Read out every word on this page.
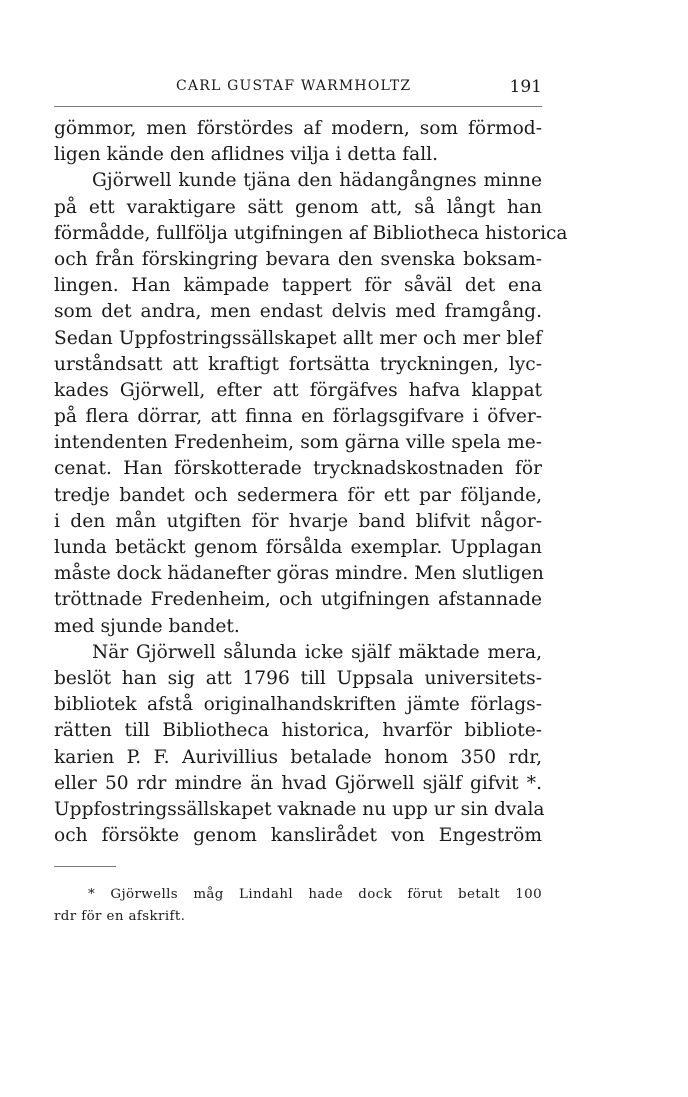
CARL GUSTAF WARMHOLTZ	191
gömmor, men förstördes af modern, som förmod-
ligen kände den aflidnes vilja i detta fall.
Gjörwell kunde tjäna den hädangångnes minne
på ett varaktigare sätt genom att, så långt han
förmådde, fullfölja utgifningen af Bibliotheca historica
och från förskingring bevara den svenska boksam-
lingen. Han kämpade tappert för såväl det ena
som det andra, men endast delvis med framgång.
Sedan Uppfostringssällskapet allt mer och mer blef
urståndsatt att kraftigt fortsätta tryckningen, lyc-
kades Gjörwell, efter att förgäfves hafva klappat
på flera dörrar, att finna en förlagsgifvare i öfver-
intendenten Fredenheim, som gärna ville spela me-
cenat. Han förskotterade trycknadskostnaden för
tredje bandet och sedermera för ett par följande,
i den mån utgiften för hvarje band blifvit någor-
lunda betäckt genom försålda exemplar. Upplagan
måste dock hädanefter göras mindre. Men slutligen
tröttnade Fredenheim, och utgifningen afstannade
med sjunde bandet.
När Gjörwell sålunda icke själf mäktade mera,
beslöt han sig att 1796 till Uppsala universitets-
bibliotek afstå originalhandskriften jämte förlags-
rätten till Bibliotheca historica, hvarför bibliote-
karien P. F. Aurivillius betalade honom 350 rdr,
eller 50 rdr mindre än hvad Gjörwell själf gifvit *.
Uppfostringssällskapet vaknade nu upp ur sin dvala
och försökte genom kanslirådet von Engeström
* Gjörwells måg Lindahl hade dock förut betalt 100
rdr för en afskrift.
